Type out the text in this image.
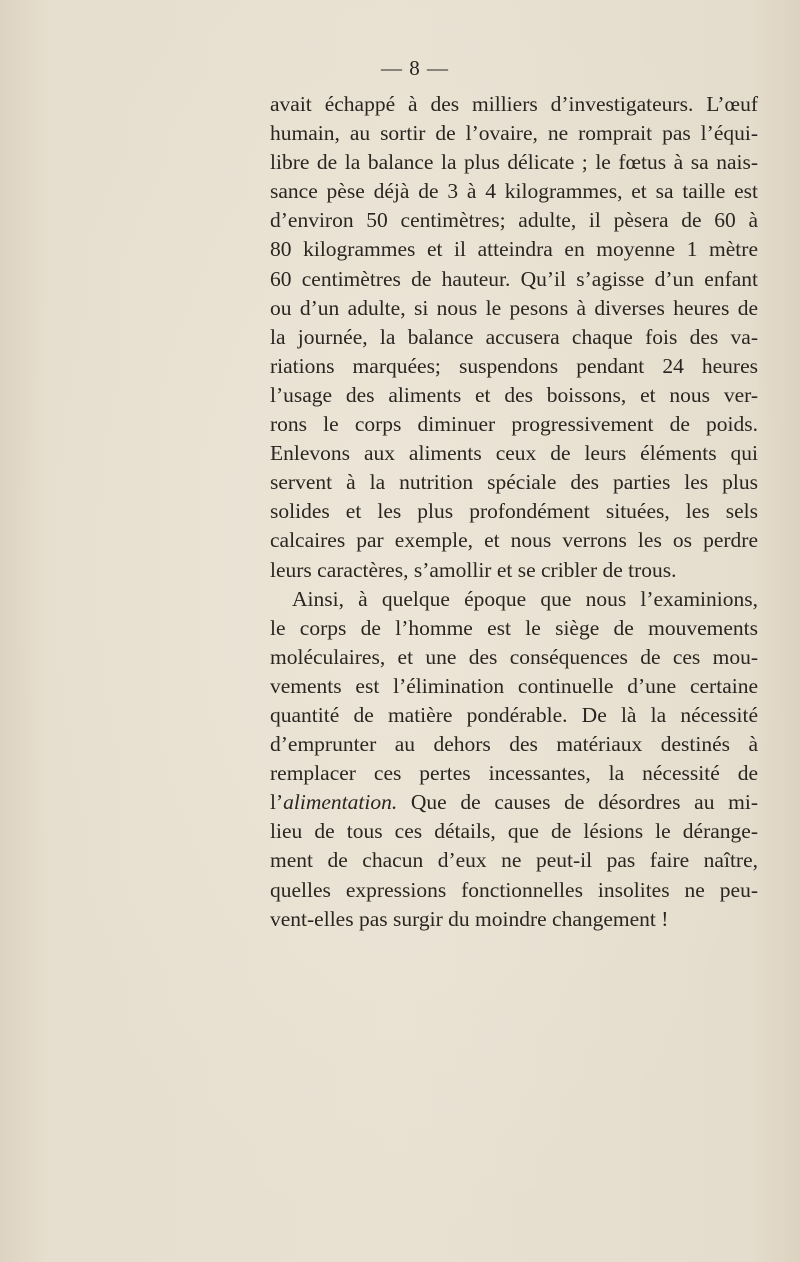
— 8 —
avait échappé à des milliers d’investigateurs. L’œuf
humain, au sortir de l’ovaire, ne romprait pas l’équi-
libre de la balance la plus délicate ; le fœtus à sa nais-
sance pèse déjà de 3 à 4 kilogrammes, et sa taille est
d’environ 50 centimètres; adulte, il pèsera de 60 à
80 kilogrammes et il atteindra en moyenne 1 mètre
60 centimètres de hauteur. Qu’il s’agisse d’un enfant
ou d’un adulte, si nous le pesons à diverses heures de
la journée, la balance accusera chaque fois des va-
riations marquées; suspendons pendant 24 heures
l’usage des aliments et des boissons, et nous ver-
rons le corps diminuer progressivement de poids.
Enlevons aux aliments ceux de leurs éléments qui
servent à la nutrition spéciale des parties les plus
solides et les plus profondément situées, les sels
calcaires par exemple, et nous verrons les os perdre
leurs caractères, s’amollir et se cribler de trous.
Ainsi, à quelque époque que nous l’examinions,
le corps de l’homme est le siège de mouvements
moléculaires, et une des conséquences de ces mou-
vements est l’élimination continuelle d’une certaine
quantité de matière pondérable. De là la nécessité
d’emprunter au dehors des matériaux destinés à
remplacer ces pertes incessantes, la nécessité de
l’alimentation. Que de causes de désordres au mi-
lieu de tous ces détails, que de lésions le dérange-
ment de chacun d’eux ne peut-il pas faire naître,
quelles expressions fonctionnelles insolites ne peu-
vent-elles pas surgir du moindre changement !
